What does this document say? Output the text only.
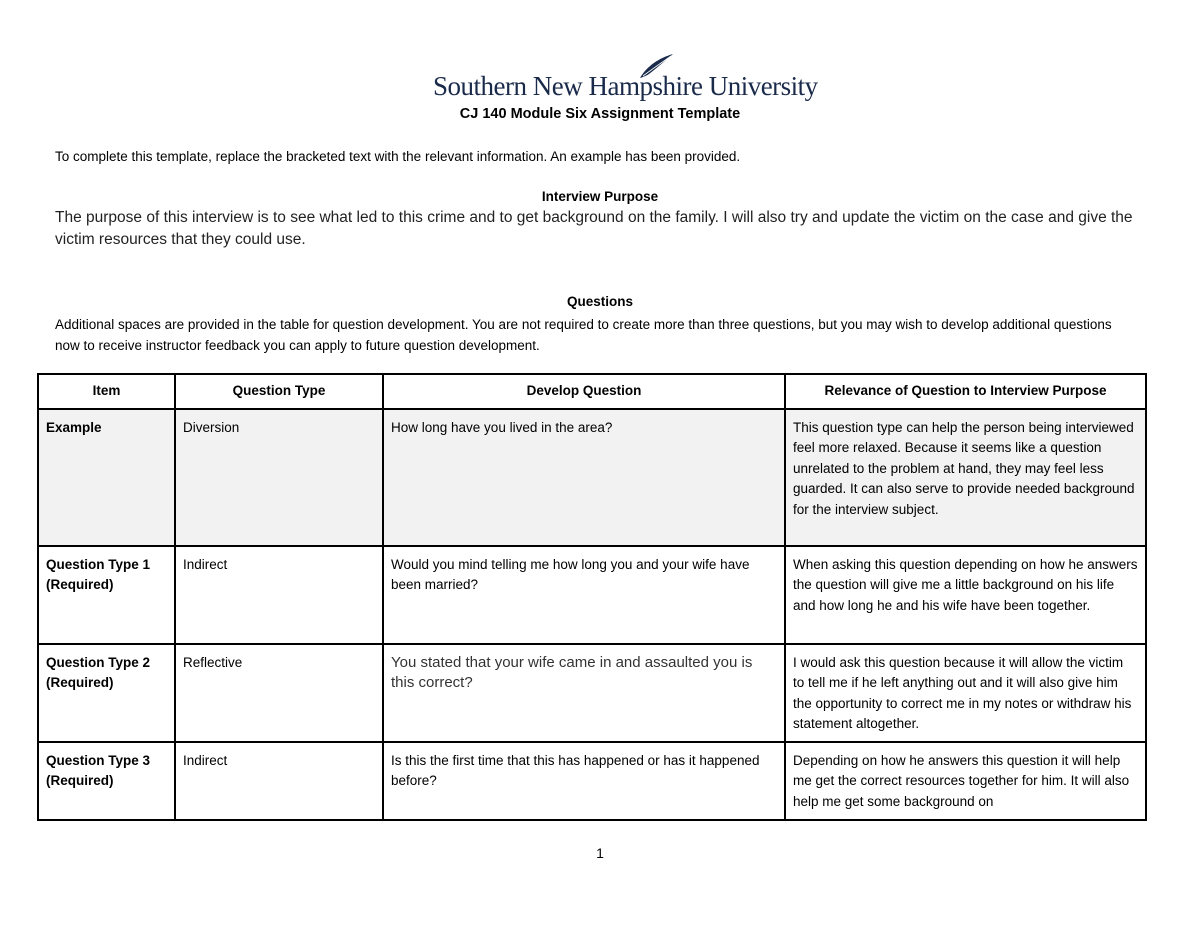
Southern New Hampshire University
CJ 140 Module Six Assignment Template
To complete this template, replace the bracketed text with the relevant information. An example has been provided.
Interview Purpose
The purpose of this interview is to see what led to this crime and to get background on the family. I will also try and update the victim on the case and give the victim resources that they could use.
Questions
Additional spaces are provided in the table for question development. You are not required to create more than three questions, but you may wish to develop additional questions now to receive instructor feedback you can apply to future question development.
Item	Question Type	Develop Question	Relevance of Question to Interview Purpose
Example	Diversion	How long have you lived in the area?	This question type can help the person being interviewed feel more relaxed. Because it seems like a question unrelated to the problem at hand, they may feel less guarded. It can also serve to provide needed background for the interview subject.
Question Type 1 (Required)	Indirect	Would you mind telling me how long you and your wife have been married?	When asking this question depending on how he answers the question will give me a little background on his life and how long he and his wife have been together.
Question Type 2 (Required)	Reflective	You stated that your wife came in and assaulted you is this correct?	I would ask this question because it will allow the victim to tell me if he left anything out and it will also give him the opportunity to correct me in my notes or withdraw his statement altogether.
Question Type 3 (Required)	Indirect	Is this the first time that this has happened or has it happened before?	Depending on how he answers this question it will help me get the correct resources together for him. It will also help me get some background on
1
